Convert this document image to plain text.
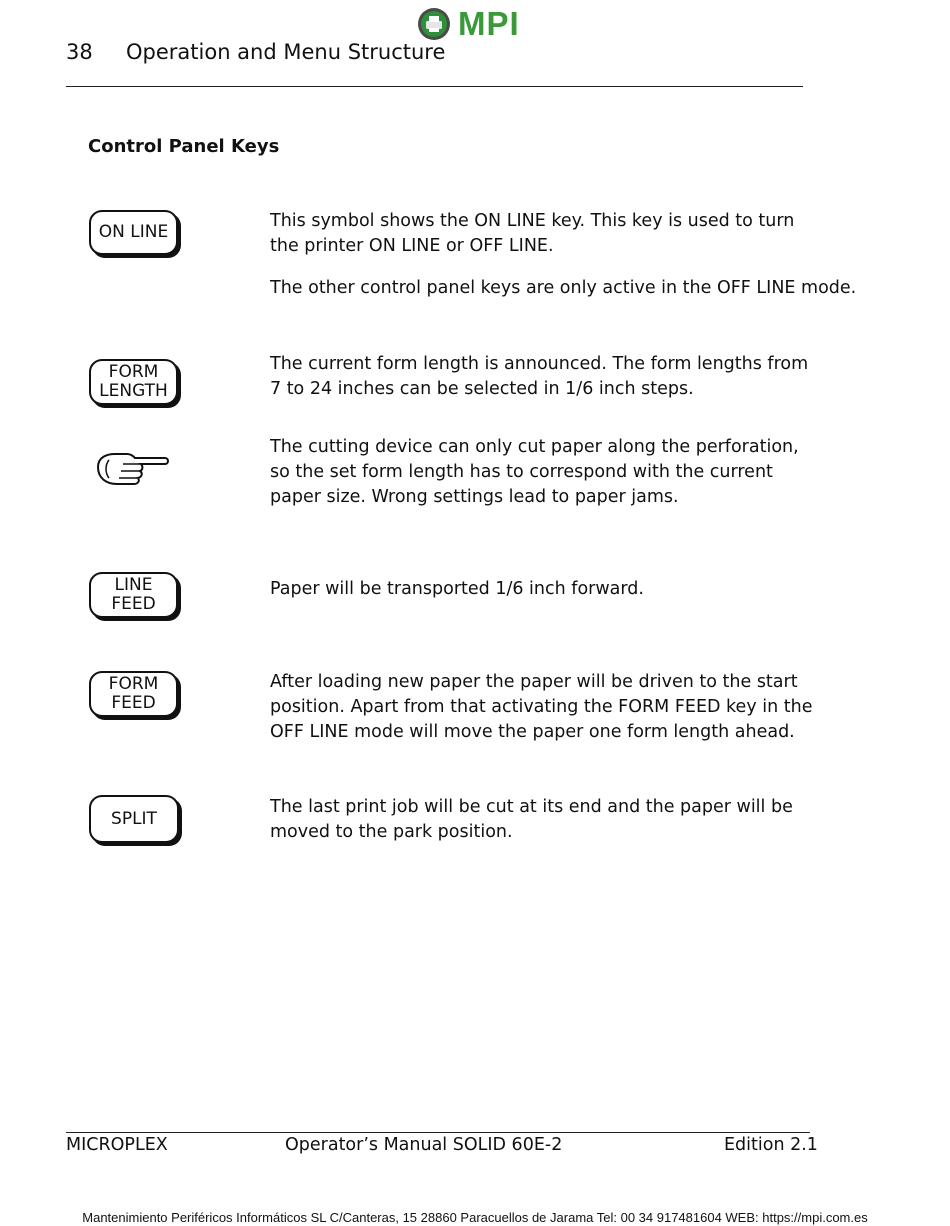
MPI
38 Operation and Menu Structure
Control Panel Keys
ON LINE
This symbol shows the ON LINE key. This key is used to turn the printer ON LINE or OFF LINE.
The other control panel keys are only active in the OFF LINE mode.
FORM
LENGTH
The current form length is announced. The form lengths from 7 to 24 inches can be selected in 1/6 inch steps.
The cutting device can only cut paper along the perforation, so the set form length has to correspond with the current paper size. Wrong settings lead to paper jams.
LINE
FEED
Paper will be transported 1/6 inch forward.
FORM
FEED
After loading new paper the paper will be driven to the start position. Apart from that activating the FORM FEED key in the OFF LINE mode will move the paper one form length ahead.
SPLIT
The last print job will be cut at its end and the paper will be moved to the park position.
MICROPLEX	Operator’s Manual SOLID 60E-2	Edition 2.1
Mantenimiento Periféricos Informáticos SL C/Canteras, 15 28860 Paracuellos de Jarama Tel: 00 34 917481604 WEB: https://mpi.com.es
